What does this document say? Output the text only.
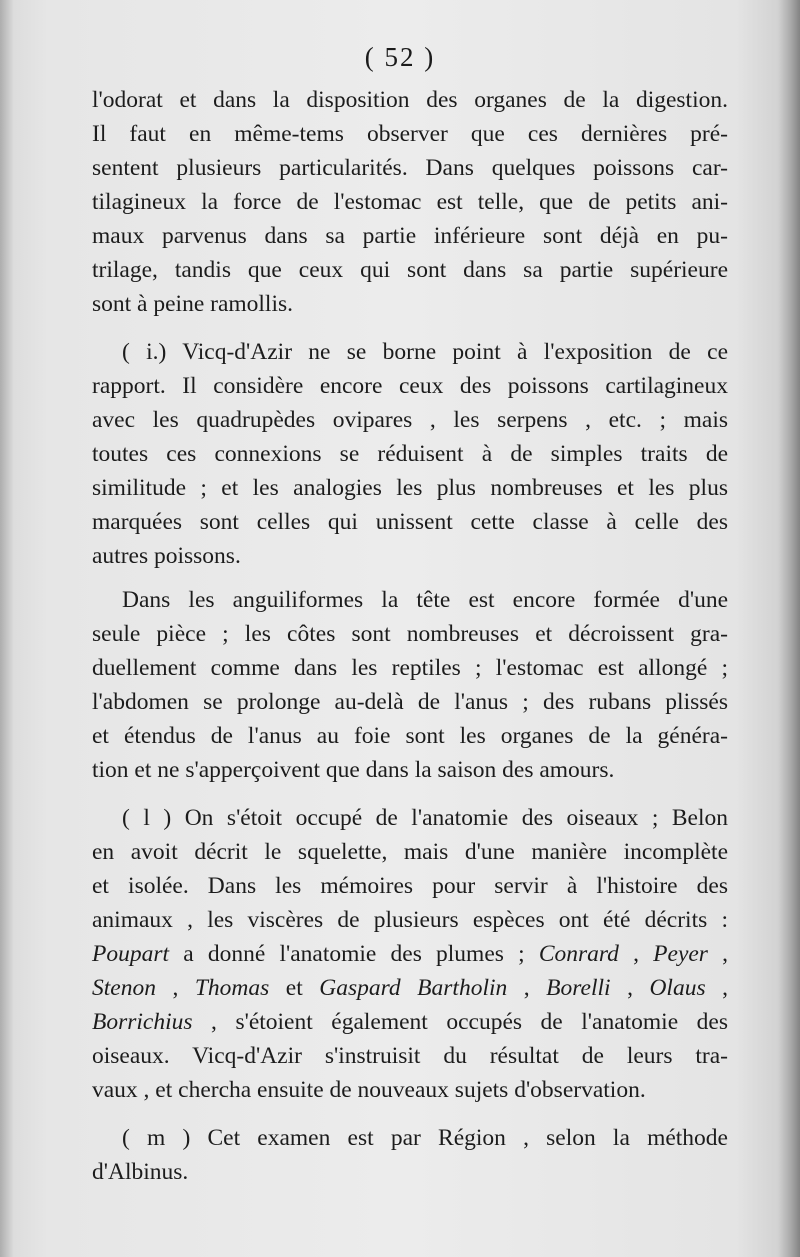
( 52 )
l'odorat et dans la disposition des organes de la digestion.
Il faut en même-tems observer que ces dernières pré-
sentent plusieurs particularités. Dans quelques poissons car-
tilagineux la force de l'estomac est telle, que de petits ani-
maux parvenus dans sa partie inférieure sont déjà en pu-
trilage, tandis que ceux qui sont dans sa partie supérieure
sont à peine ramollis.
( i.) Vicq-d'Azir ne se borne point à l'exposition de ce
rapport. Il considère encore ceux des poissons cartilagineux
avec les quadrupèdes ovipares , les serpens , etc. ; mais
toutes ces connexions se réduisent à de simples traits de
similitude ; et les analogies les plus nombreuses et les plus
marquées sont celles qui unissent cette classe à celle des
autres poissons.
Dans les anguiliformes la tête est encore formée d'une
seule pièce ; les côtes sont nombreuses et décroissent gra-
duellement comme dans les reptiles ; l'estomac est allongé ;
l'abdomen se prolonge au-delà de l'anus ; des rubans plissés
et étendus de l'anus au foie sont les organes de la généra-
tion et ne s'apperçoivent que dans la saison des amours.
( l ) On s'étoit occupé de l'anatomie des oiseaux ; Belon
en avoit décrit le squelette, mais d'une manière incomplète
et isolée. Dans les mémoires pour servir à l'histoire des
animaux , les viscères de plusieurs espèces ont été décrits :
Poupart a donné l'anatomie des plumes ; Conrard , Peyer ,
Stenon , Thomas et Gaspard Bartholin , Borelli , Olaus ,
Borrichius , s'étoient également occupés de l'anatomie des
oiseaux. Vicq-d'Azir s'instruisit du résultat de leurs tra-
vaux , et chercha ensuite de nouveaux sujets d'observation.
( m ) Cet examen est par Région , selon la méthode
d'Albinus.
